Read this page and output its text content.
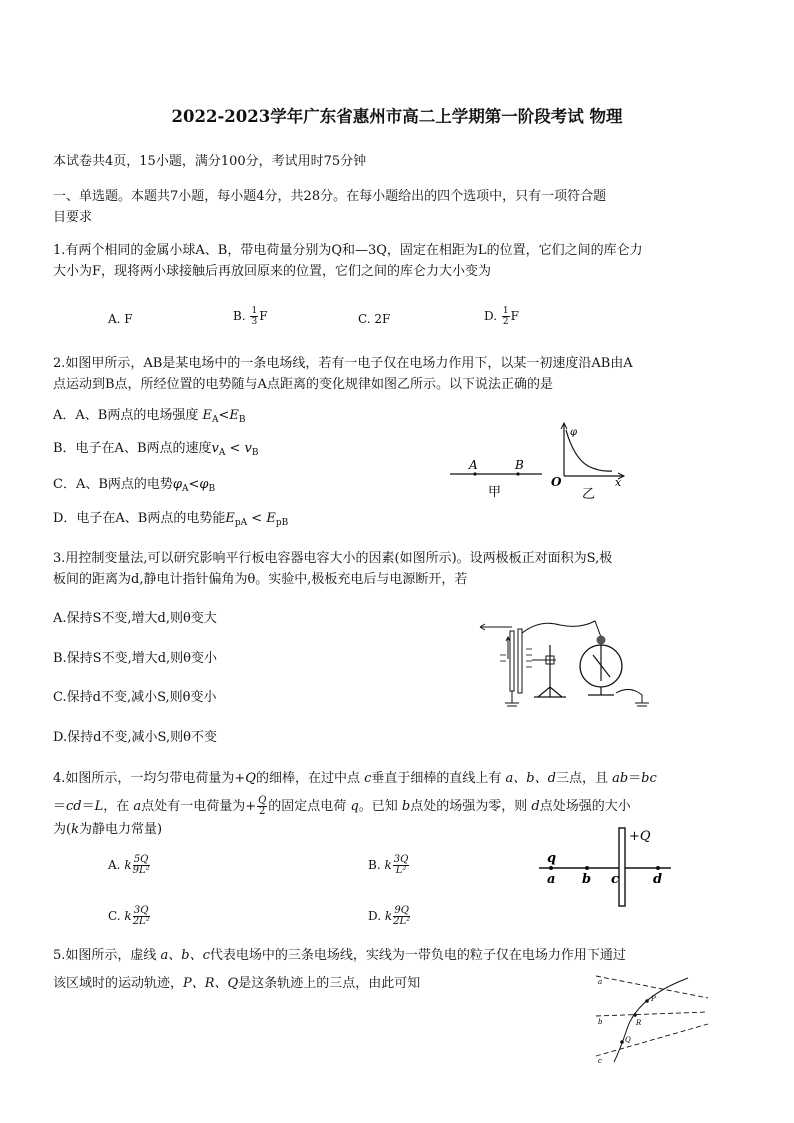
2022-2023学年广东省惠州市高二上学期第一阶段考试 物理
本试卷共4页，15小题，满分100分，考试用时75分钟
一、单选题。本题共7小题，每小题4分，共28分。在每小题给出的四个选项中，只有一项符合题
目要求
1.有两个相同的金属小球A、B，带电荷量分别为Q和—3Q，固定在相距为L的位置，它们之间的库仑力
大小为F，现将两小球接触后再放回原来的位置，它们之间的库仑力大小变为
A. F	B. $\frac{1}{3}$ F	C. 2F	D. $\frac{1}{2}$ F
2.如图甲所示，AB是某电场中的一条电场线，若有一电子仅在电场力作用下，以某一初速度沿AB由A
点运动到B点，所经位置的电势随与A点距离的变化规律如图乙所示。以下说法正确的是
A．A、B两点的电场强度 $E_A<E_B$
B．电子在A、B两点的速度$v_A < v_B$
C．A、B两点的电势$\varphi_A<\varphi_B$
D．电子在A、B两点的电势能$E_{pA} < E_{pB}$
A	B
甲
φ
O	x
乙
3.用控制变量法,可以研究影响平行板电容器电容大小的因素(如图所示)。设两极板正对面积为S,极
板间的距离为d,静电计指针偏角为θ。实验中,极板充电后与电源断开，若
A.保持S不变,增大d,则θ变大
B.保持S不变,增大d,则θ变小
C.保持d不变,减小S,则θ变小
D.保持d不变,减小S,则θ不变
4.如图所示，一均匀带电荷量为+Q的细棒，在过中点 c垂直于细棒的直线上有 a、b、d三点，且 ab＝bc
＝cd＝L，在 a点处有一电荷量为+ $\frac{Q}{2}$ 的固定点电荷 q。已知 b点处的场强为零，则 d点处场强的大小
为(k为静电力常量)
A. k $\frac{5Q}{\text{9L²}}$	B. k $\frac{3Q}{\text{L²}}$
C. k $\frac{3Q}{\text{2L²}}$	D. k $\frac{9Q}{\text{2L²}}$
q
a b c	d
+Q
5.如图所示，虚线 a、b、c代表电场中的三条电场线，实线为一带负电的粒子仅在电场力作用下通过
该区域时的运动轨迹，P、R、Q是这条轨迹上的三点，由此可知	a
b
c
P
R
Q
